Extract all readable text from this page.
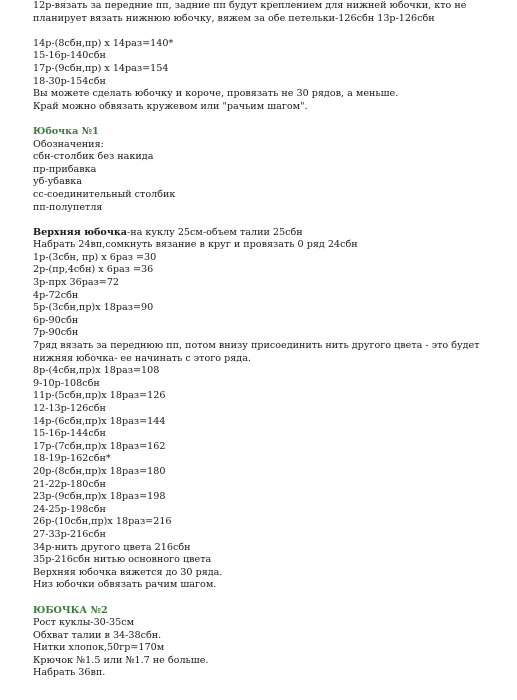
12р-вязать за передние пп, задние пп будут креплением для нижней юбочки, кто не
планирует вязать нижнюю юбочку, вяжем за обе петельки-126сбн 13р-126сбн
14р-(8сбн,пр) х 14раз=140*
15-16р-140сбн
17р-(9сбн,пр) х 14раз=154
18-30р-154сбн
Вы можете сделать юбочку и короче, провязать не 30 рядов, а меньше.
Край можно обвязать кружевом или "рачьим шагом".
Юбочка №1
Обозначения:
сбн-столбик без накида
пр-прибавка
уб-убавка
сс-соединительный столбик
пп-полупетля
Верхняя юбочка-на куклу 25см-объем талии 25сбн
Набрать 24вп,сомкнуть вязание в круг и провязать 0 ряд 24сбн
1р-(3сбн, пр) х 6раз =30
2р-(пр,4сбн) х 6раз =36
3р-прх 36раз=72
4р-72сбн
5р-(3сбн,пр)х 18раз=90
6р-90сбн
7р-90сбн
7ряд вязать за переднюю пп, потом внизу присоединить нить другого цвета - это будет
нижняя юбочка- ее начинать с этого ряда.
8р-(4сбн,пр)х 18раз=108
9-10р-108сбн
11р-(5сбн,пр)х 18раз=126
12-13р-126сбн
14р-(6сбн,пр)х 18раз=144
15-16р-144сбн
17р-(7сбн,пр)х 18раз=162
18-19р-162сбн*
20р-(8сбн,пр)х 18раз=180
21-22р-180сбн
23р-(9сбн,пр)х 18раз=198
24-25р-198сбн
26р-(10сбн,пр)х 18раз=216
27-33р-216сбн
34р-нить другого цвета 216сбн
35р-216сбн нитью основного цвета
Верхняя юбочка вяжется до 30 ряда.
Низ юбочки обвязать рачим шагом.
ЮБОЧКА №2
Рост куклы-30-35см
Обхват талии в 34-38сбн.
Нитки хлопок,50гр=170м
Крючок №1.5 или №1.7 не больше.
Набрать 36вп.
